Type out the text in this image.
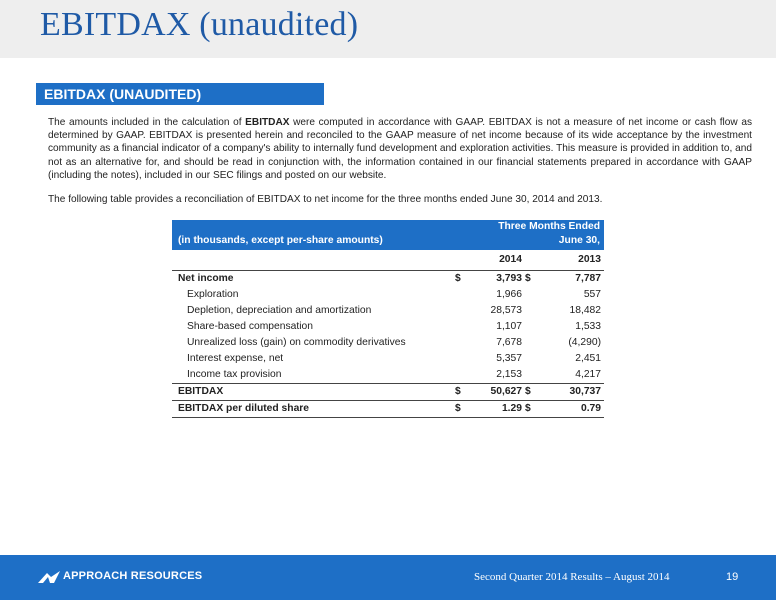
EBITDAX (unaudited)
EBITDAX (UNAUDITED)

The amounts included in the calculation of EBITDAX were computed in accordance with GAAP. EBITDAX is not a measure of net income or cash flow as determined by GAAP. EBITDAX is presented herein and reconciled to the GAAP measure of net income because of its wide acceptance by the investment community as a financial indicator of a company's ability to internally fund development and exploration activities. This measure is provided in addition to, and not as an alternative for, and should be read in conjunction with, the information contained in our financial statements prepared in accordance with GAAP (including the notes), included in our SEC filings and posted on our website.

The following table provides a reconciliation of EBITDAX to net income for the three months ended June 30, 2014 and 2013.

	Three Months Ended			
(in thousands, except per-share amounts)	June 30,			
	2014		2013	
Net income	$	3,793	$	7,787
Exploration		1,966		557
Depletion, depreciation and amortization		28,573		18,482
Share-based compensation		1,107		1,533
Unrealized loss (gain) on commodity derivatives		7,678		(4,290)
Interest expense, net		5,357		2,451
Income tax provision		2,153		4,217
EBITDAX	$	50,627	$	30,737
EBITDAX per diluted share	$	1.29	$	0.79
APPROACH RESOURCES	Second Quarter 2014 Results – August 2014	19
